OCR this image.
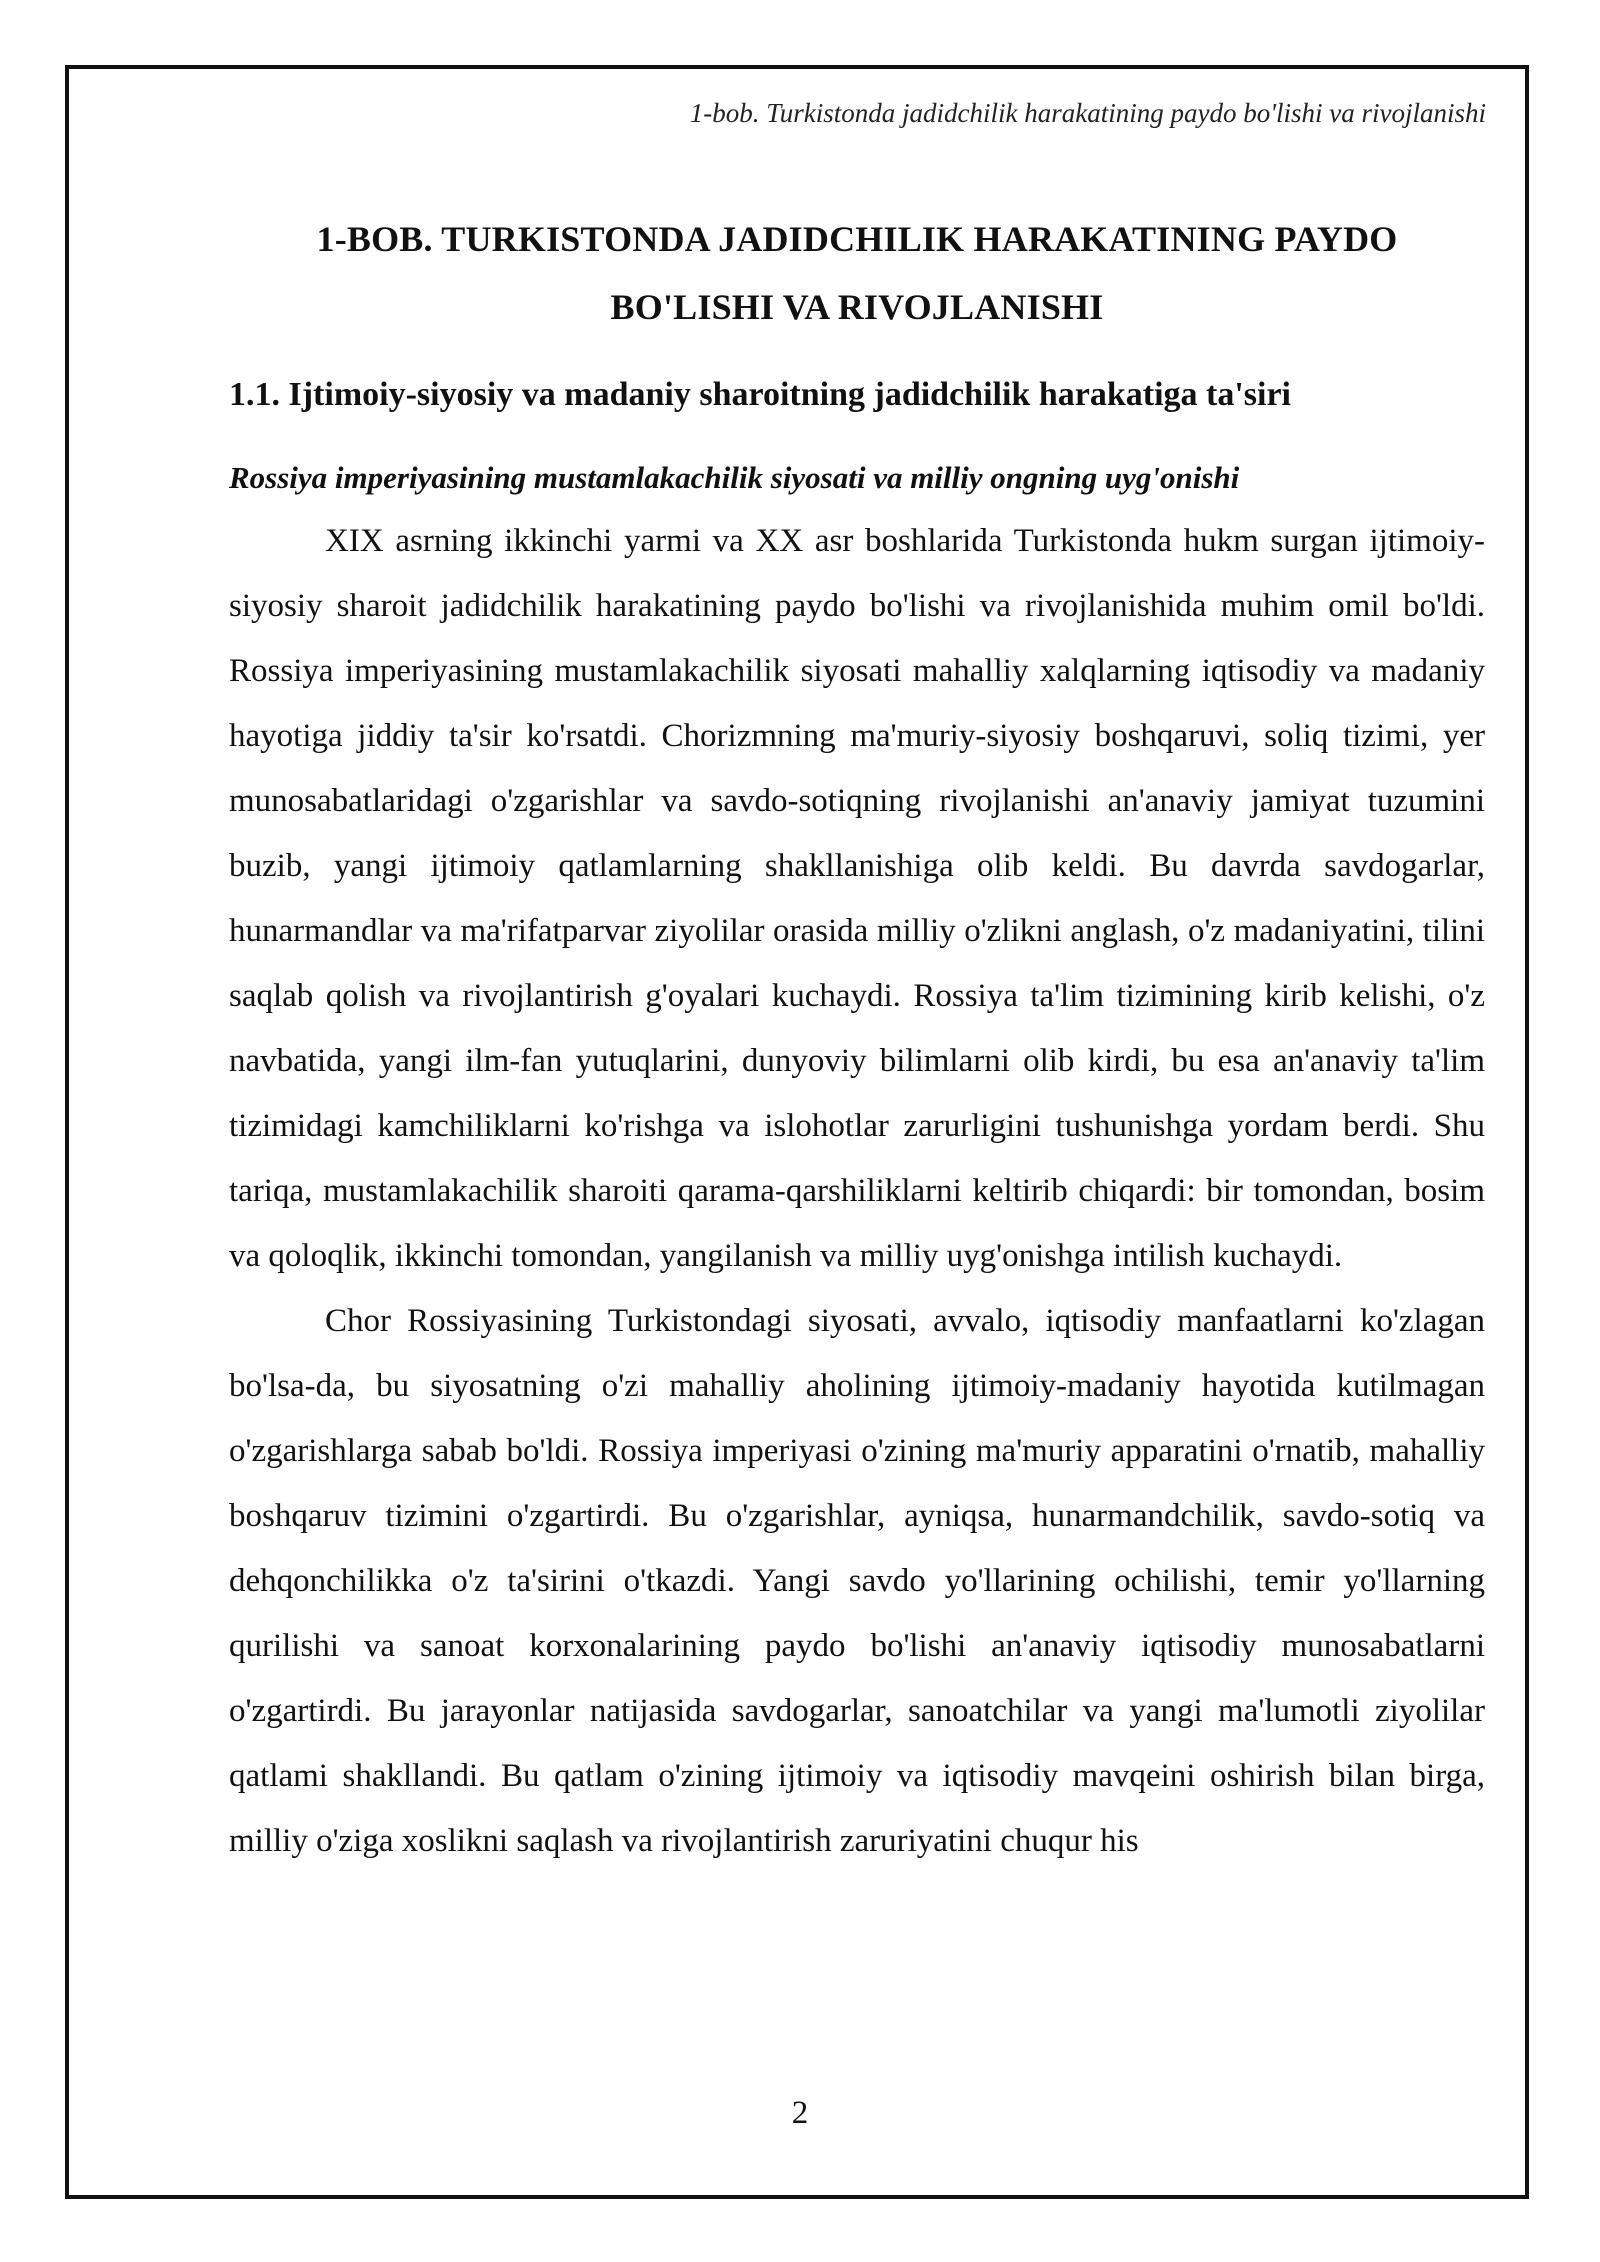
1-bob. Turkistonda jadidchilik harakatining paydo bo'lishi va rivojlanishi
1-BOB. TURKISTONDA JADIDCHILIK HARAKATINING PAYDO
BO'LISHI VA RIVOJLANISHI
1.1. Ijtimoiy-siyosiy va madaniy sharoitning jadidchilik harakatiga ta'siri
Rossiya imperiyasining mustamlakachilik siyosati va milliy ongning uyg'onishi

XIX asrning ikkinchi yarmi va XX asr boshlarida Turkistonda hukm surgan ijtimoiy-siyosiy sharoit jadidchilik harakatining paydo bo'lishi va rivojlanishida muhim omil bo'ldi. Rossiya imperiyasining mustamlakachilik siyosati mahalliy xalqlarning iqtisodiy va madaniy hayotiga jiddiy ta'sir ko'rsatdi. Chorizmning ma'muriy-siyosiy boshqaruvi, soliq tizimi, yer munosabatlaridagi o'zgarishlar va savdo-sotiqning rivojlanishi an'anaviy jamiyat tuzumini buzib, yangi ijtimoiy qatlamlarning shakllanishiga olib keldi. Bu davrda savdogarlar, hunarmandlar va ma'rifatparvar ziyolilar orasida milliy o'zlikni anglash, o'z madaniyatini, tilini saqlab qolish va rivojlantirish g'oyalari kuchaydi. Rossiya ta'lim tizimining kirib kelishi, o'z navbatida, yangi ilm-fan yutuqlarini, dunyoviy bilimlarni olib kirdi, bu esa an'anaviy ta'lim tizimidagi kamchiliklarni ko'rishga va islohotlar zarurligini tushunishga yordam berdi. Shu tariqa, mustamlakachilik sharoiti qarama-qarshiliklarni keltirib chiqardi: bir tomondan, bosim va qoloqlik, ikkinchi tomondan, yangilanish va milliy uyg'onishga intilish kuchaydi.

Chor Rossiyasining Turkistondagi siyosati, avvalo, iqtisodiy manfaatlarni ko'zlagan bo'lsa-da, bu siyosatning o'zi mahalliy aholining ijtimoiy-madaniy hayotida kutilmagan o'zgarishlarga sabab bo'ldi. Rossiya imperiyasi o'zining ma'muriy apparatini o'rnatib, mahalliy boshqaruv tizimini o'zgartirdi. Bu o'zgarishlar, ayniqsa, hunarmandchilik, savdo-sotiq va dehqonchilikka o'z ta'sirini o'tkazdi. Yangi savdo yo'llarining ochilishi, temir yo'llarning qurilishi va sanoat korxonalarining paydo bo'lishi an'anaviy iqtisodiy munosabatlarni o'zgartirdi. Bu jarayonlar natijasida savdogarlar, sanoatchilar va yangi ma'lumotli ziyolilar qatlami shakllandi. Bu qatlam o'zining ijtimoiy va iqtisodiy mavqeini oshirish bilan birga, milliy o'ziga xoslikni saqlash va rivojlantirish zaruriyatini chuqur his

2
